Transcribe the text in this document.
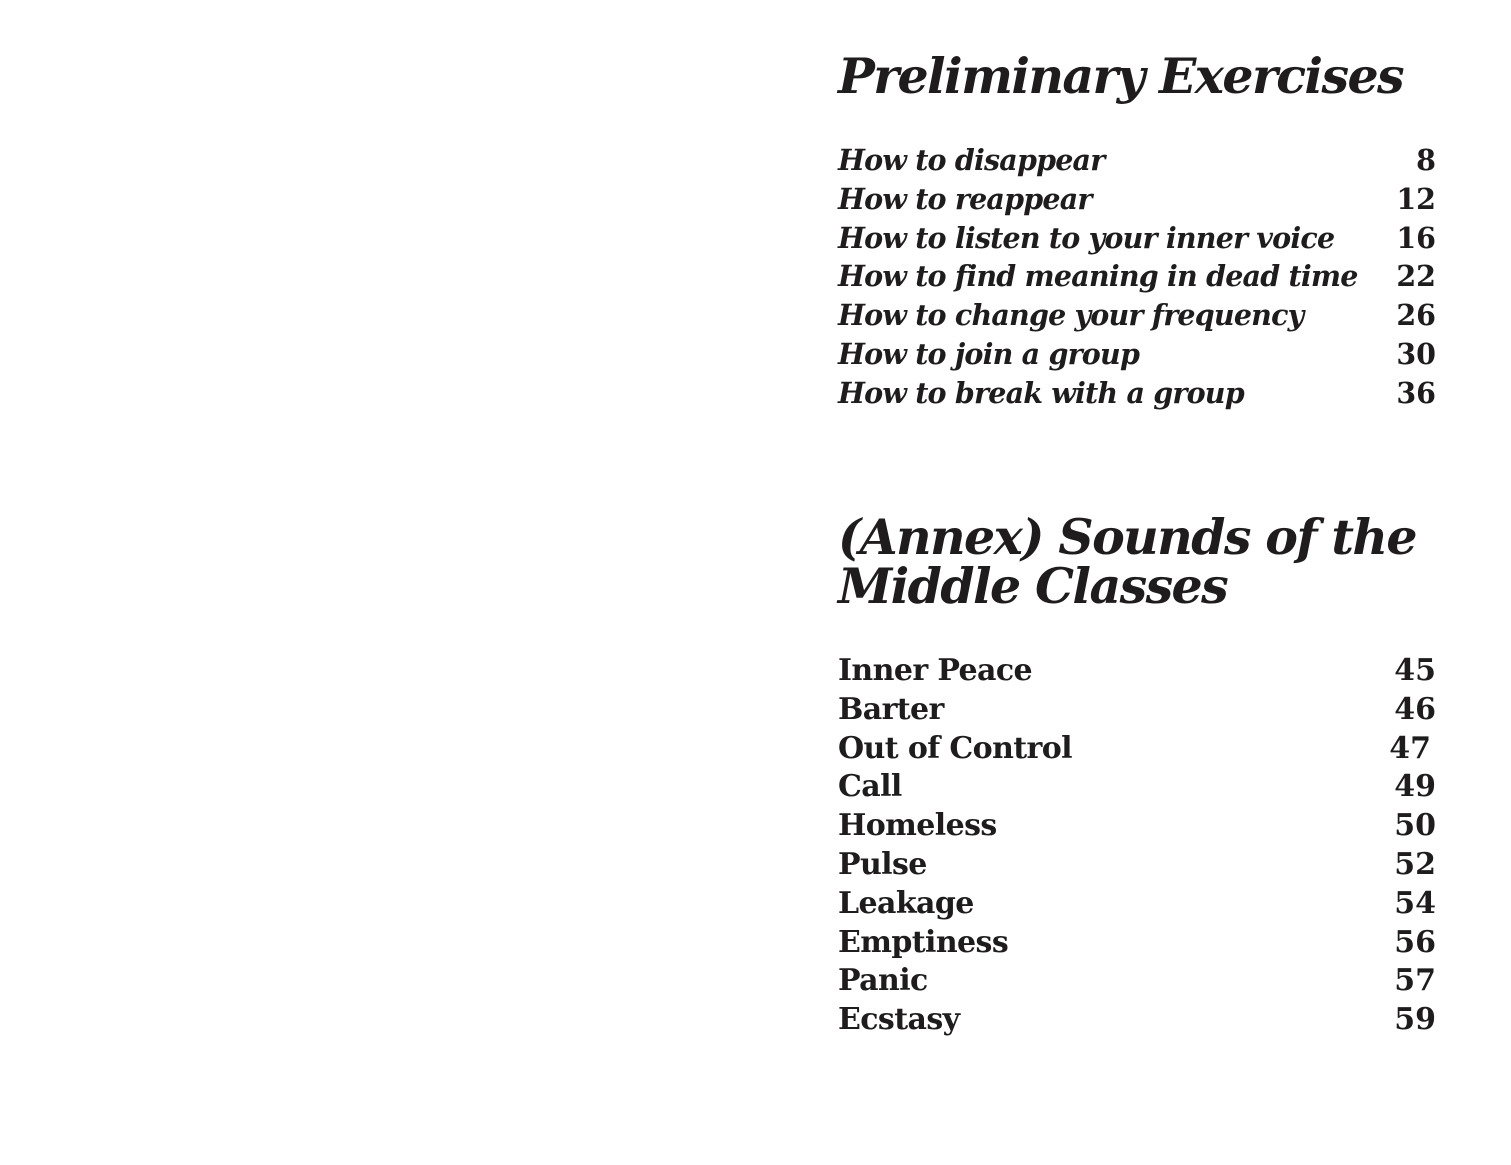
Preliminary Exercises
How to disappear	8
How to reappear	12
How to listen to your inner voice 16
How to find meaning in dead time 22
How to change your frequency	26
How to join a group	30
How to break with a group	36
(Annex) Sounds of the
Middle Classes
Inner Peace	45
Barter	46
Out of Control	47
Call	49
Homeless	50
Pulse	52
Leakage	54
Emptiness	56
Panic	57
Ecstasy	59
